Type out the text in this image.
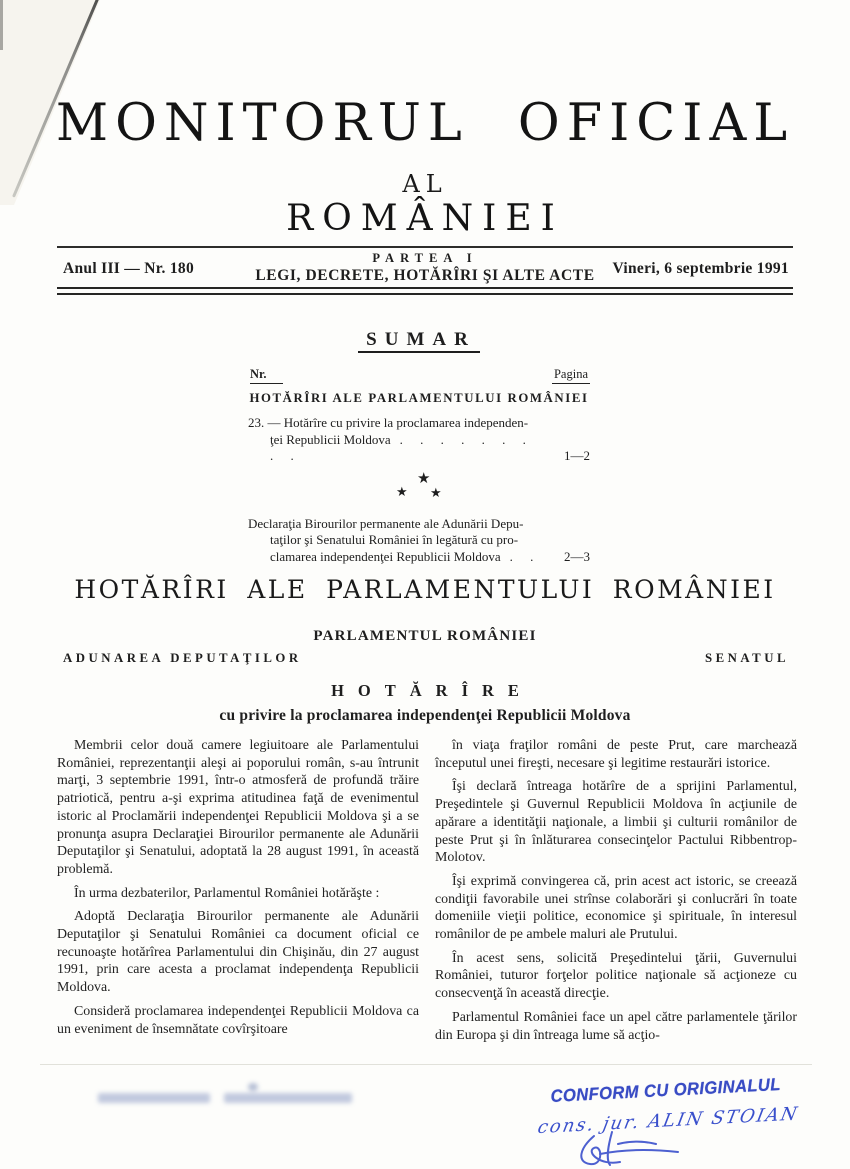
MONITORUL OFICIAL
AL
ROMÂNIEI
Anul III — Nr. 180
PARTEA I
LEGI, DECRETE, HOTĂRÎRI ŞI ALTE ACTE	Vineri, 6 septembrie 1991
SUMAR
Nr.	Pagina
HOTĂRÎRI ALE PARLAMENTULUI ROMÂNIEI
23. — Hotărîre cu privire la proclamarea independen-
ţei Republicii Moldova . . . . . . . . .	1—2
★
★ ★
Declaraţia Birourilor permanente ale Adunării Depu-
taţilor şi Senatului României în legătură cu pro-
clamarea independenţei Republicii Moldova . . 2—3
HOTĂRÎRI ALE PARLAMENTULUI ROMÂNIEI
PARLAMENTUL ROMÂNIEI
ADUNAREA DEPUTAŢILOR	SENATUL
HOTĂRÎRE
cu privire la proclamarea independenţei Republicii Moldova

Membrii celor două camere legiuitoare ale Parlamentului României, reprezentanţii aleşi ai poporului român, s-au întrunit marţi, 3 septembrie 1991, într-o atmosferă de profundă trăire patriotică, pentru a-şi exprima atitudinea faţă de evenimentul istoric al Proclamării independenţei Republicii Moldova şi a se pronunţa asupra Declaraţiei Birourilor permanente ale Adunării Deputaţilor şi Senatului, adoptată la 28 august 1991, în această problemă.

În urma dezbaterilor, Parlamentul României hotărăşte :

Adoptă Declaraţia Birourilor permanente ale Adunării Deputaţilor şi Senatului României ca document oficial ce recunoaşte hotărîrea Parlamentului din Chişinău, din 27 august 1991, prin care acesta a proclamat independenţa Republicii Moldova.

Consideră proclamarea independenţei Republicii Moldova ca un eveniment de însemnătate covîrşitoare

în viaţa fraţilor români de peste Prut, care marchează începutul unei fireşti, necesare şi legitime restaurări istorice.

Îşi declară întreaga hotărîre de a sprijini Parlamentul, Preşedintele şi Guvernul Republicii Moldova în acţiunile de apărare a identităţii naţionale, a limbii şi culturii românilor de peste Prut şi în înlăturarea consecinţelor Pactului Ribbentrop-Molotov.

Îşi exprimă convingerea că, prin acest act istoric, se creează condiţii favorabile unei strînse colaborări şi conlucrări în toate domeniile vieţii politice, economice şi spirituale, în interesul românilor de pe ambele maluri ale Prutului.

În acest sens, solicită Preşedintelui ţării, Guvernului României, tuturor forţelor politice naţionale să acţioneze cu consecvenţă în această direcţie.

Parlamentul României face un apel către parlamentele ţărilor din Europa şi din întreaga lume să acţio-

CONFORM CU ORIGINALUL
cons. jur. ALIN STOIAN
